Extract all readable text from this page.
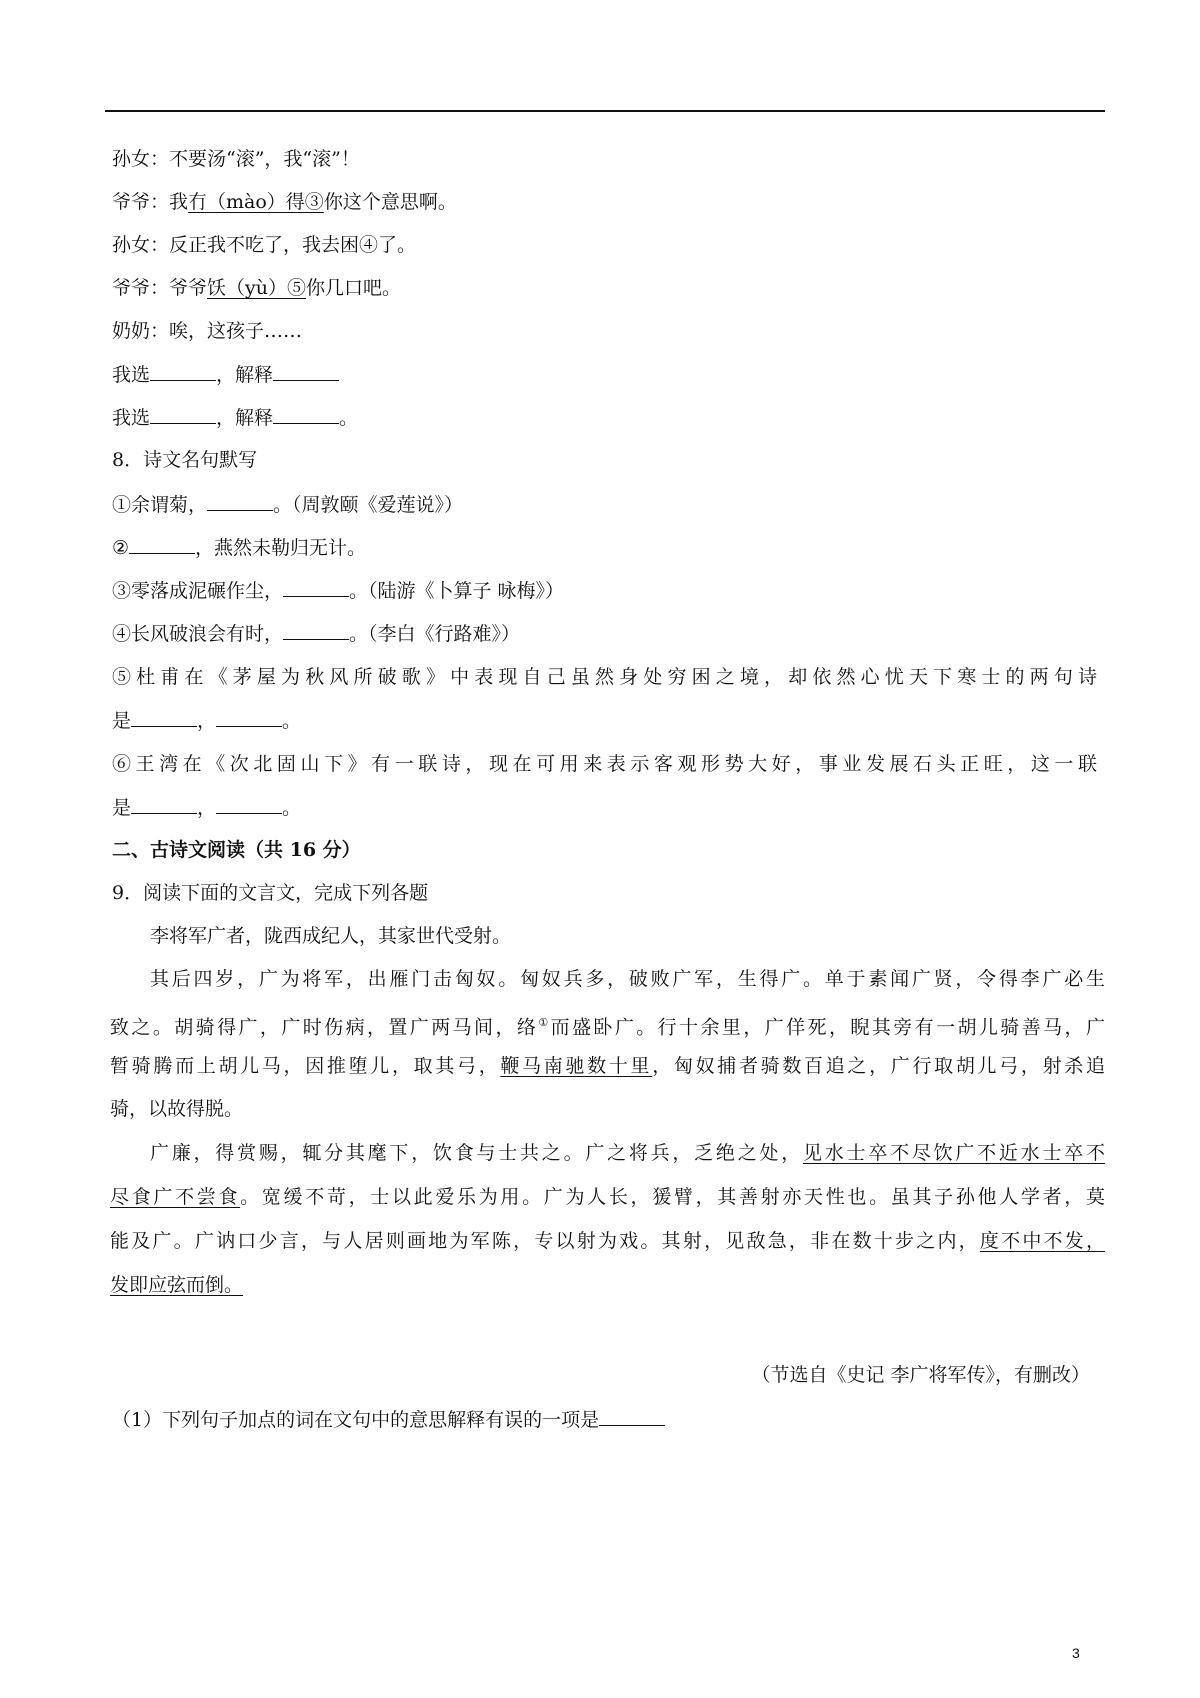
孙女：不要汤“滚”，我“滚”！
爷爷：我冇（mào）得③你这个意思啊。
孙女：反正我不吃了，我去困④了。
爷爷：爷爷饫（yù）⑤你几口吧。
奶奶：唉，这孩子……
我选	，解释
我选	，解释	。
8．诗文名句默写
①余谓菊，	。（周敦颐《爱莲说》）
②	，燕然未勒归无计。
③零落成泥碾作尘，	。（陆游《卜算子 咏梅》）
④长风破浪会有时，	。（李白《行路难》）
⑤杜甫在《茅屋为秋风所破歌》中表现自己虽然身处穷困之境，却依然心忧天下寒士的两句诗
是	，	。
⑥王湾在《次北固山下》有一联诗，现在可用来表示客观形势大好，事业发展石头正旺，这一联
是	，	。
二、古诗文阅读（共 16 分）
9．阅读下面的文言文，完成下列各题
李将军广者，陇西成纪人，其家世代受射。
其后四岁，广为将军，出雁门击匈奴。匈奴兵多，破败广军，生得广。单于素闻广贤，令得李广必生
致之。胡骑得广，广时伤病，置广两马间，络①而盛卧广。行十余里，广佯死，睨其旁有一胡儿骑善马，广
暂骑腾而上胡儿马，因推堕儿，取其弓，鞭马南驰数十里，匈奴捕者骑数百追之，广行取胡儿弓，射杀追
骑，以故得脱。
广廉，得赏赐，辄分其麾下，饮食与士共之。广之将兵，乏绝之处，见水士卒不尽饮广不近水士卒不
尽食广不尝食。宽缓不苛，士以此爱乐为用。广为人长，猨臂，其善射亦天性也。虽其子孙他人学者，莫
能及广。广讷口少言，与人居则画地为军陈，专以射为戏。其射，见敌急，非在数十步之内，度不中不发，
发即应弦而倒。
（节选自《史记 李广将军传》，有删改）
（1）下列句子加点的词在文句中的意思解释有误的一项是
3
